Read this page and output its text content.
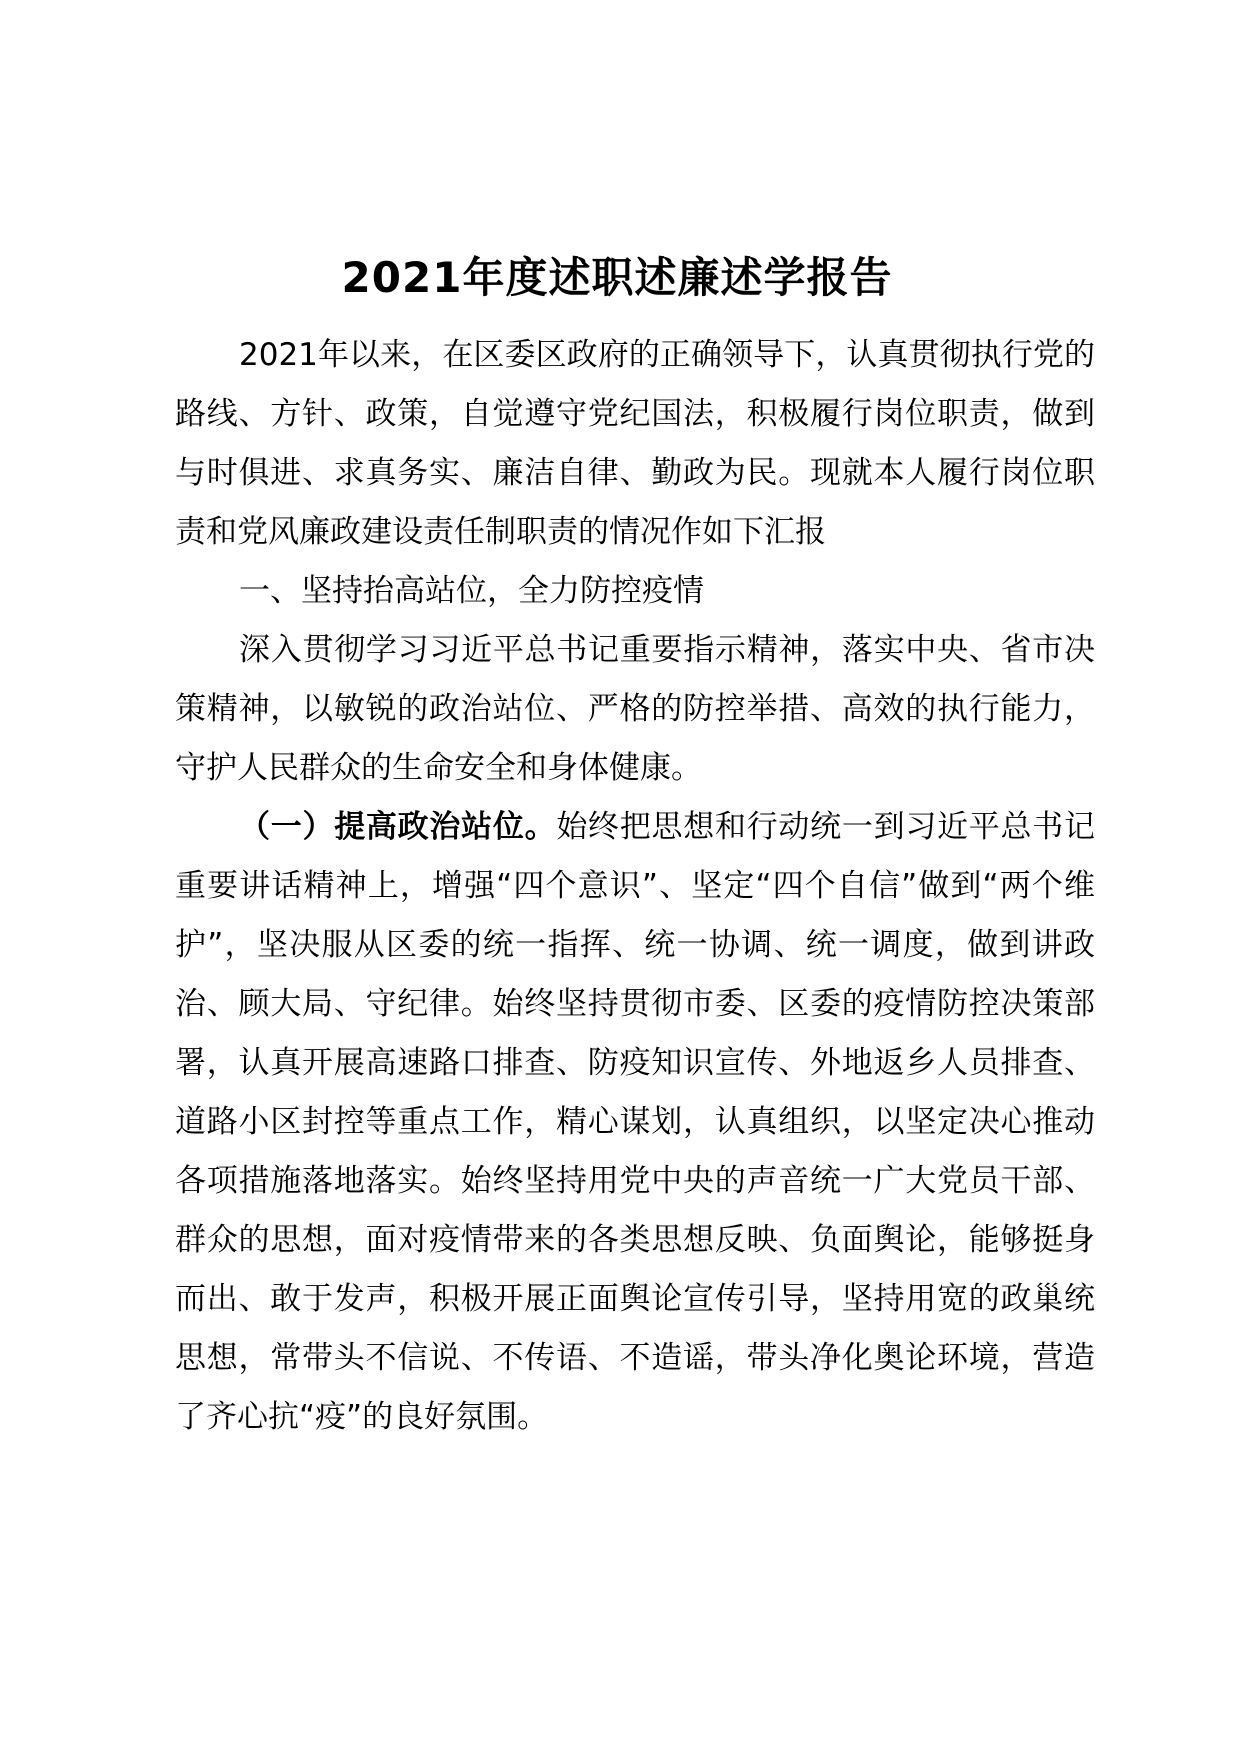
2021年度述职述廉述学报告

2021年以来，在区委区政府的正确领导下，认真贯彻执行党的路线、方针、政策，自觉遵守党纪国法，积极履行岗位职责，做到与时俱进、求真务实、廉洁自律、勤政为民。现就本人履行岗位职责和党风廉政建设责任制职责的情况作如下汇报

一、坚持抬高站位，全力防控疫情

深入贯彻学习习近平总书记重要指示精神，落实中央、省市决策精神，以敏锐的政治站位、严格的防控举措、高效的执行能力，守护人民群众的生命安全和身体健康。

（一）提高政治站位。始终把思想和行动统一到习近平总书记重要讲话精神上，增强“四个意识”、坚定“四个自信”做到“两个维护”，坚决服从区委的统一指挥、统一协调、统一调度，做到讲政治、顾大局、守纪律。始终坚持贯彻市委、区委的疫情防控决策部署，认真开展高速路口排查、防疫知识宣传、外地返乡人员排查、道路小区封控等重点工作，精心谋划，认真组织，以坚定决心推动各项措施落地落实。始终坚持用党中央的声音统一广大党员干部、群众的思想，面对疫情带来的各类思想反映、负面舆论，能够挺身而出、敢于发声，积极开展正面舆论宣传引导，坚持用宽的政巢统思想，常带头不信说、不传语、不造谣，带头净化奥论环境，营造了齐心抗“疫”的良好氛围。
